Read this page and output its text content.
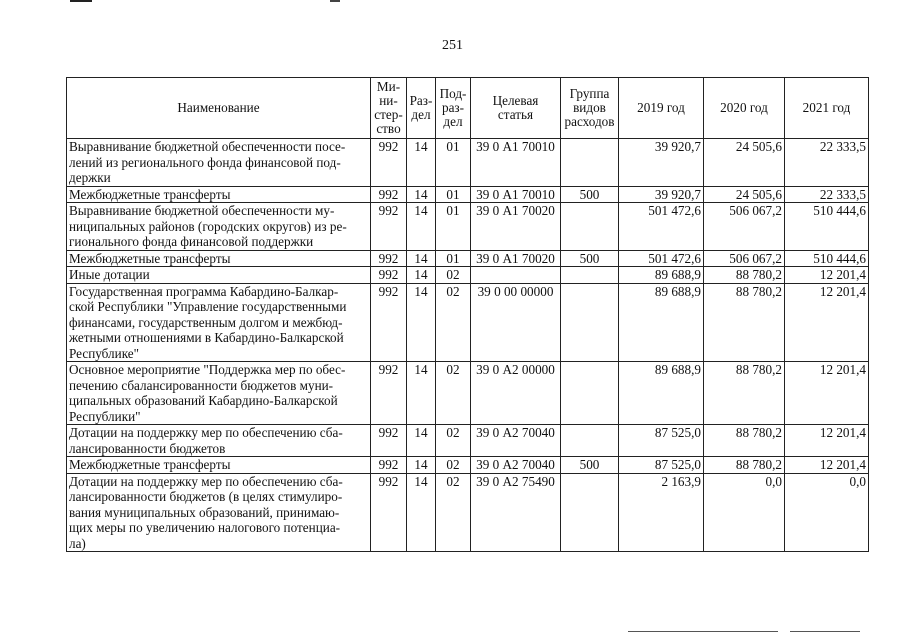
251
Наименование	Ми-
ни-
стер-
ство	Раз-
дел	Под-
раз-
дел	Целевая
статья	Группа
видов
расходов	2019 год	2020 год	2021 год
Выравнивание бюджетной обеспеченности посе-
лений из регионального фонда финансовой под-
держки	992	14	01	39 0 А1 70010		39 920,7	24 505,6	22 333,5
Межбюджетные трансферты	992	14	01	39 0 А1 70010	500	39 920,7	24 505,6	22 333,5
Выравнивание бюджетной обеспеченности му-
ниципальных районов (городских округов) из ре-
гионального фонда финансовой поддержки	992	14	01	39 0 А1 70020		501 472,6	506 067,2	510 444,6
Межбюджетные трансферты	992	14	01	39 0 А1 70020	500	501 472,6	506 067,2	510 444,6
Иные дотации	992	14	02			89 688,9	88 780,2	12 201,4
Государственная программа Кабардино-Балкар-
ской Республики "Управление государственными
финансами, государственным долгом и межбюд-
жетными отношениями в Кабардино-Балкарской
Республике"	992	14	02	39 0 00 00000		89 688,9	88 780,2	12 201,4
Основное мероприятие "Поддержка мер по обес-
печению сбалансированности бюджетов муни-
ципальных образований Кабардино-Балкарской
Республики"	992	14	02	39 0 А2 00000		89 688,9	88 780,2	12 201,4
Дотации на поддержку мер по обеспечению сба-
лансированности бюджетов	992	14	02	39 0 А2 70040		87 525,0	88 780,2	12 201,4
Межбюджетные трансферты	992	14	02	39 0 А2 70040	500	87 525,0	88 780,2	12 201,4
Дотации на поддержку мер по обеспечению сба-
лансированности бюджетов (в целях стимулиро-
вания муниципальных образований, принимаю-
щих меры по увеличению налогового потенциа-
ла)	992	14	02	39 0 А2 75490		2 163,9	0,0	0,0
